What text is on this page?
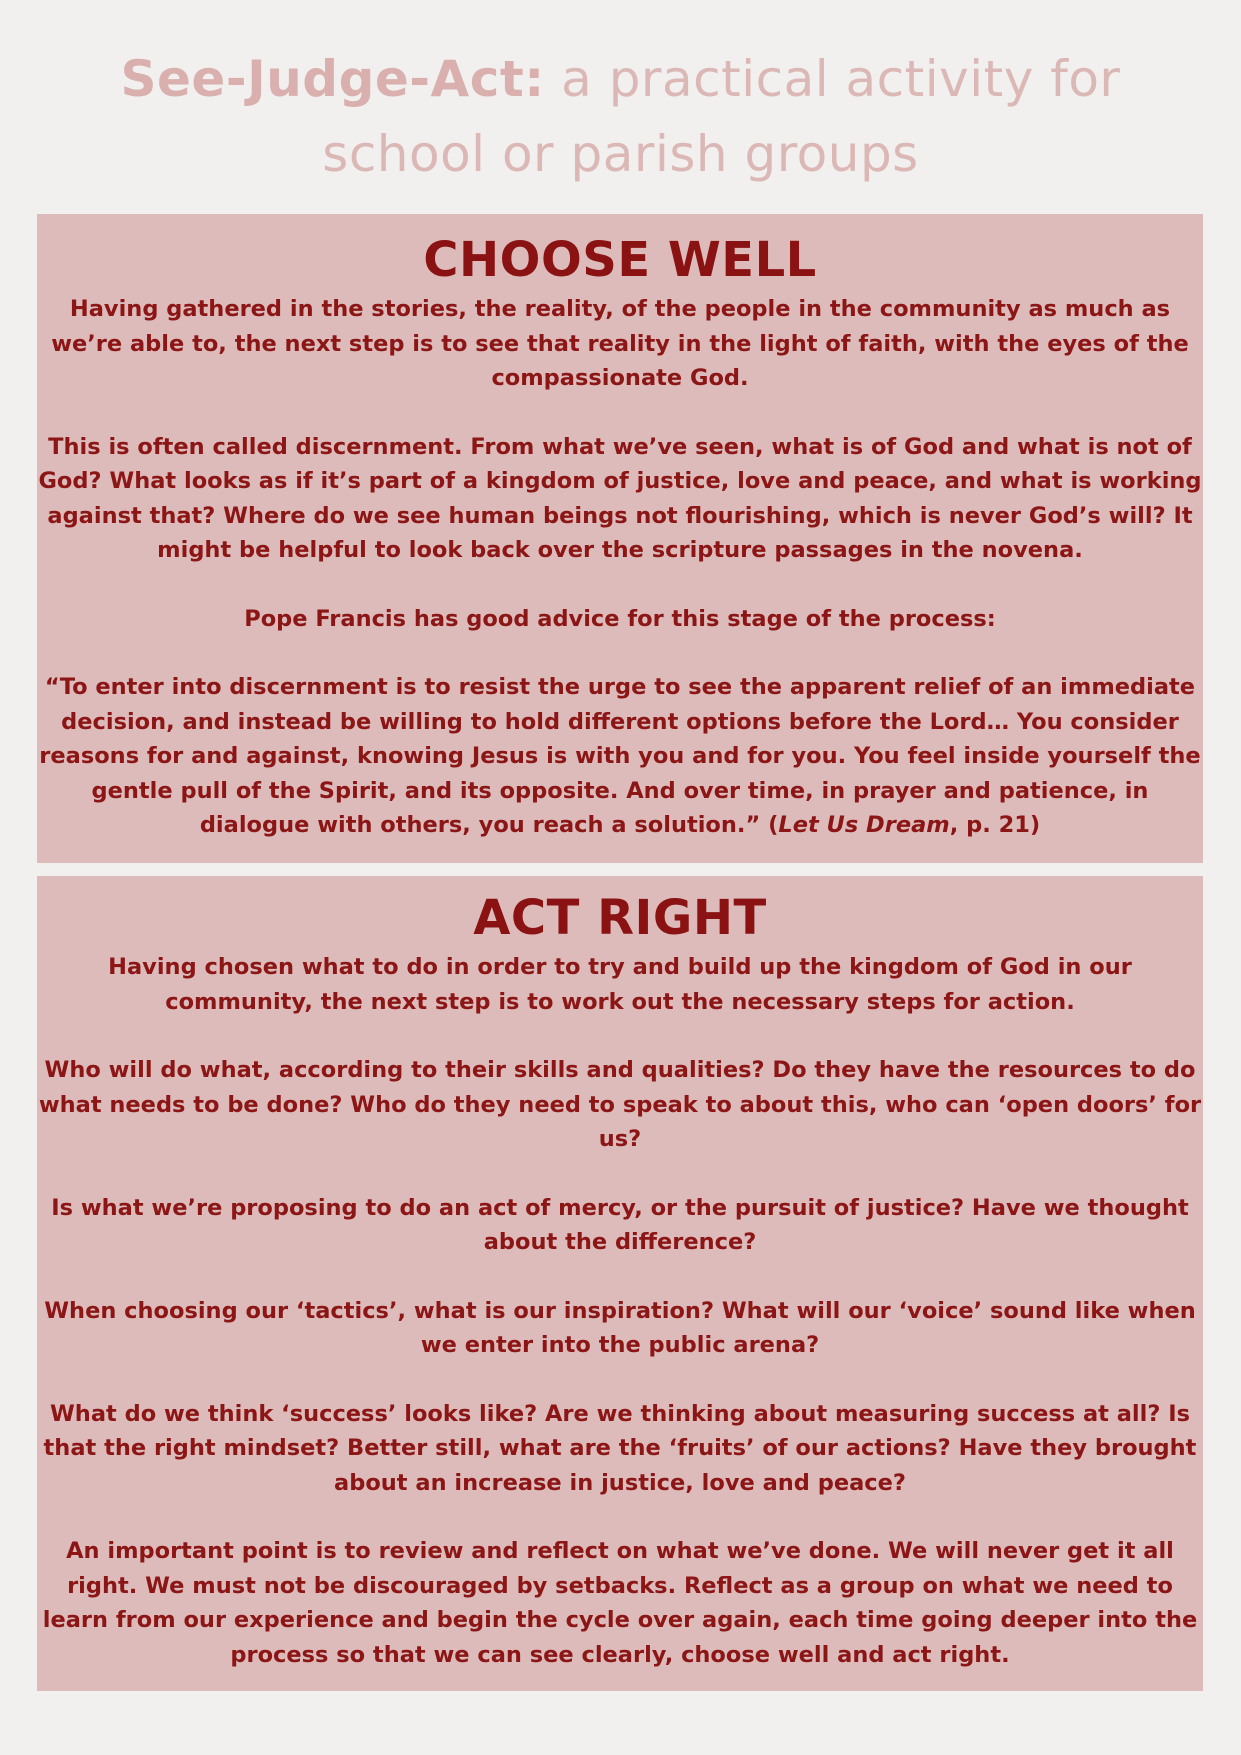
See-Judge-Act: a practical activity for
school or parish groups
CHOOSE WELL

Having gathered in the stories, the reality, of the people in the community as much as we’re able to, the next step is to see that reality in the light of faith, with the eyes of the compassionate God.

This is often called discernment. From what we’ve seen, what is of God and what is not of God? What looks as if it’s part of a kingdom of justice, love and peace, and what is working against that? Where do we see human beings not flourishing, which is never God’s will? It might be helpful to look back over the scripture passages in the novena.

Pope Francis has good advice for this stage of the process:

“To enter into discernment is to resist the urge to see the apparent relief of an immediate decision, and instead be willing to hold different options before the Lord… You consider reasons for and against, knowing Jesus is with you and for you. You feel inside yourself the gentle pull of the Spirit, and its opposite. And over time, in prayer and patience, in dialogue with others, you reach a solution.” (Let Us Dream, p. 21)

ACT RIGHT

Having chosen what to do in order to try and build up the kingdom of God in our community, the next step is to work out the necessary steps for action.

Who will do what, according to their skills and qualities? Do they have the resources to do what needs to be done? Who do they need to speak to about this, who can ‘open doors’ for us?

Is what we’re proposing to do an act of mercy, or the pursuit of justice? Have we thought about the difference?

When choosing our ‘tactics’, what is our inspiration? What will our ‘voice’ sound like when we enter into the public arena?

What do we think ‘success’ looks like? Are we thinking about measuring success at all? Is that the right mindset? Better still, what are the ‘fruits’ of our actions? Have they brought about an increase in justice, love and peace?

An important point is to review and reflect on what we’ve done. We will never get it all right. We must not be discouraged by setbacks. Reflect as a group on what we need to learn from our experience and begin the cycle over again, each time going deeper into the process so that we can see clearly, choose well and act right.
